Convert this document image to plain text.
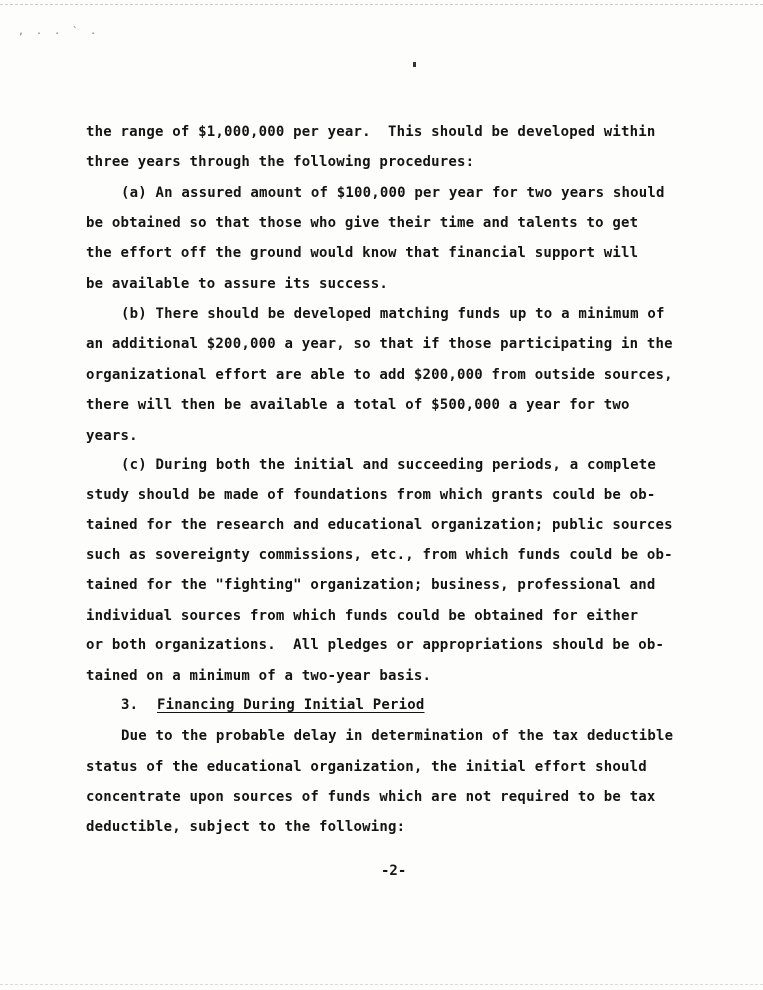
, . . ` .
the range of $1,000,000 per year.  This should be developed within
three years through the following procedures:
(a) An assured amount of $100,000 per year for two years should
be obtained so that those who give their time and talents to get
the effort off the ground would know that financial support will
be available to assure its success.
(b) There should be developed matching funds up to a minimum of
an additional $200,000 a year, so that if those participating in the
organizational effort are able to add $200,000 from outside sources,
there will then be available a total of $500,000 a year for two
years.
(c) During both the initial and succeeding periods, a complete
study should be made of foundations from which grants could be ob-
tained for the research and educational organization; public sources
such as sovereignty commissions, etc., from which funds could be ob-
tained for the "fighting" organization; business, professional and
individual sources from which funds could be obtained for either
or both organizations.  All pledges or appropriations should be ob-
tained on a minimum of a two-year basis.
3. Financing During Initial Period
Due to the probable delay in determination of the tax deductible
status of the educational organization, the initial effort should
concentrate upon sources of funds which are not required to be tax
deductible, subject to the following:
-2-
